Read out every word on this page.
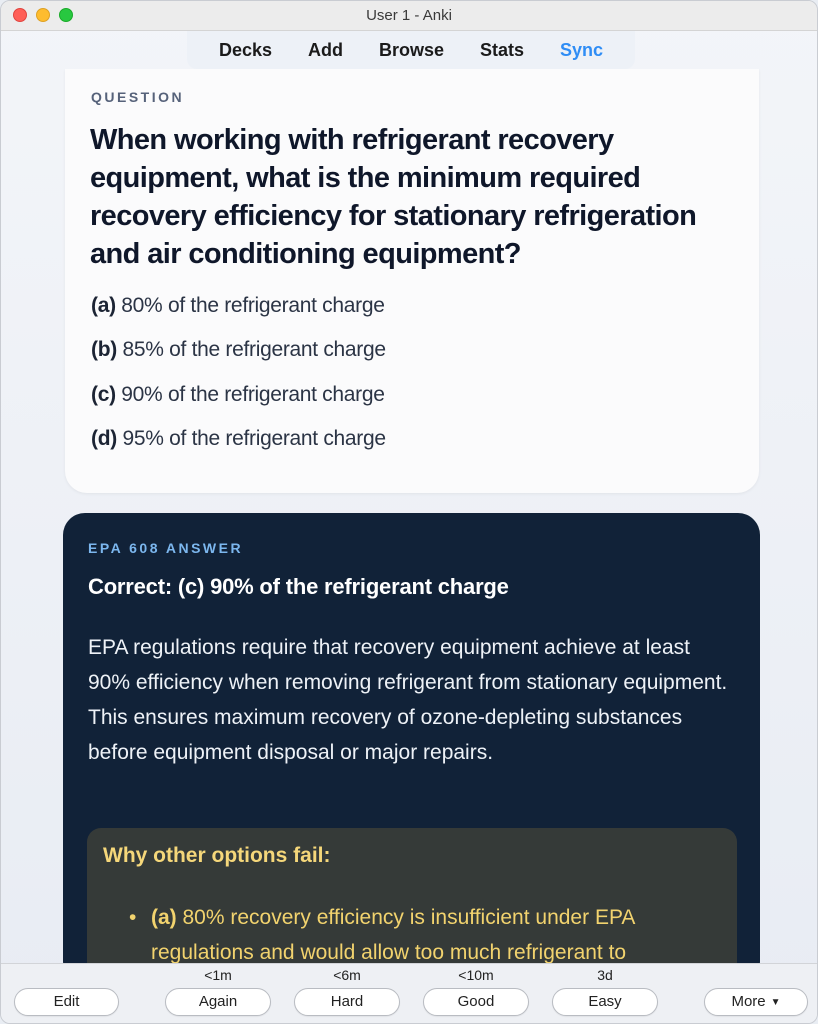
User 1 - Anki
Decks Add Browse Stats Sync
QUESTION
When working with refrigerant recovery equipment, what is the minimum required recovery efficiency for stationary refrigeration and air conditioning equipment?
(a) 80% of the refrigerant charge
(b) 85% of the refrigerant charge
(c) 90% of the refrigerant charge
(d) 95% of the refrigerant charge
EPA 608 ANSWER
Correct: (c) 90% of the refrigerant charge
EPA regulations require that recovery equipment achieve at least 90% efficiency when removing refrigerant from stationary equipment. This ensures maximum recovery of ozone-depleting substances before equipment disposal or major repairs.
Why other options fail:
• (a) 80% recovery efficiency is insufficient under EPA regulations and would allow too much refrigerant to
Edit
<1m
Again
<6m
Hard
<10m
Good
3d
Easy	More ▼
